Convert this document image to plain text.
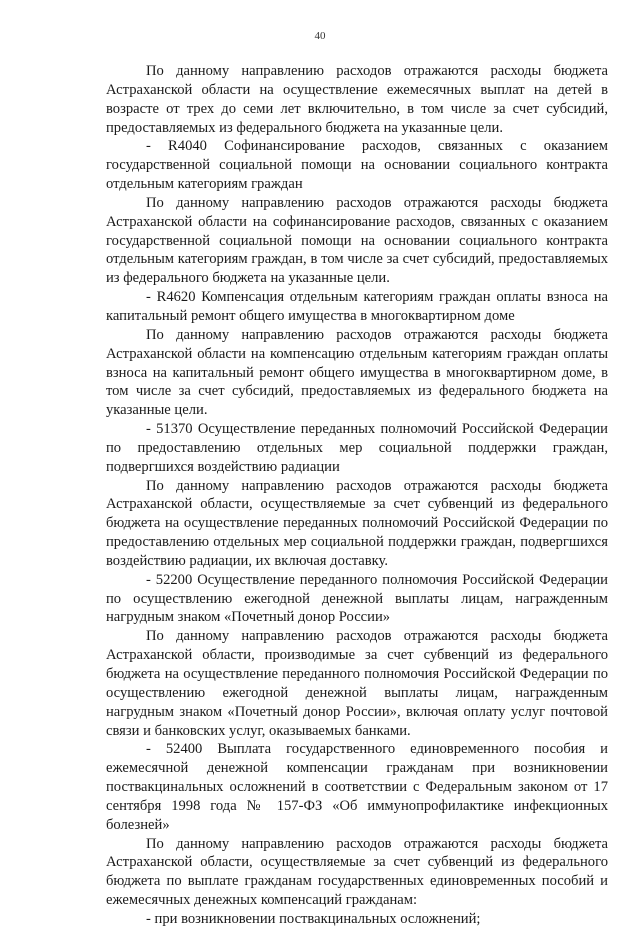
40

По данному направлению расходов отражаются расходы бюджета Астраханской области на осуществление ежемесячных выплат на детей в возрасте от трех до семи лет включительно, в том числе за счет субсидий, предоставляемых из федерального бюджета на указанные цели.

- R4040 Софинансирование расходов, связанных с оказанием государственной социальной помощи на основании социального контракта отдельным категориям граждан

По данному направлению расходов отражаются расходы бюджета Астраханской области на софинансирование расходов, связанных с оказанием государственной социальной помощи на основании социального контракта отдельным категориям граждан, в том числе за счет субсидий, предоставляемых из федерального бюджета на указанные цели.

- R4620 Компенсация отдельным категориям граждан оплаты взноса на капитальный ремонт общего имущества в многоквартирном доме

По данному направлению расходов отражаются расходы бюджета Астраханской области на компенсацию отдельным категориям граждан оплаты взноса на капитальный ремонт общего имущества в многоквартирном доме, в том числе за счет субсидий, предоставляемых из федерального бюджета на указанные цели.

- 51370 Осуществление переданных полномочий Российской Федерации по предоставлению отдельных мер социальной поддержки граждан, подвергшихся воздействию радиации

По данному направлению расходов отражаются расходы бюджета Астраханской области, осуществляемые за счет субвенций из федерального бюджета на осуществление переданных полномочий Российской Федерации по предоставлению отдельных мер социальной поддержки граждан, подвергшихся воздействию радиации, их включая доставку.

- 52200 Осуществление переданного полномочия Российской Федерации по осуществлению ежегодной денежной выплаты лицам, награжденным нагрудным знаком «Почетный донор России»

По данному направлению расходов отражаются расходы бюджета Астраханской области, производимые за счет субвенций из федерального бюджета на осуществление переданного полномочия Российской Федерации по осуществлению ежегодной денежной выплаты лицам, награжденным нагрудным знаком «Почетный донор России», включая оплату услуг почтовой связи и банковских услуг, оказываемых банками.

- 52400 Выплата государственного единовременного пособия и ежемесячной денежной компенсации гражданам при возникновении поствакцинальных осложнений в соответствии с Федеральным законом от 17 сентября 1998 года № 157-ФЗ «Об иммунопрофилактике инфекционных болезней»

По данному направлению расходов отражаются расходы бюджета Астраханской области, осуществляемые за счет субвенций из федерального бюджета по выплате гражданам государственных единовременных пособий и ежемесячных денежных компенсаций гражданам:

- при возникновении поствакцинальных осложнений;
